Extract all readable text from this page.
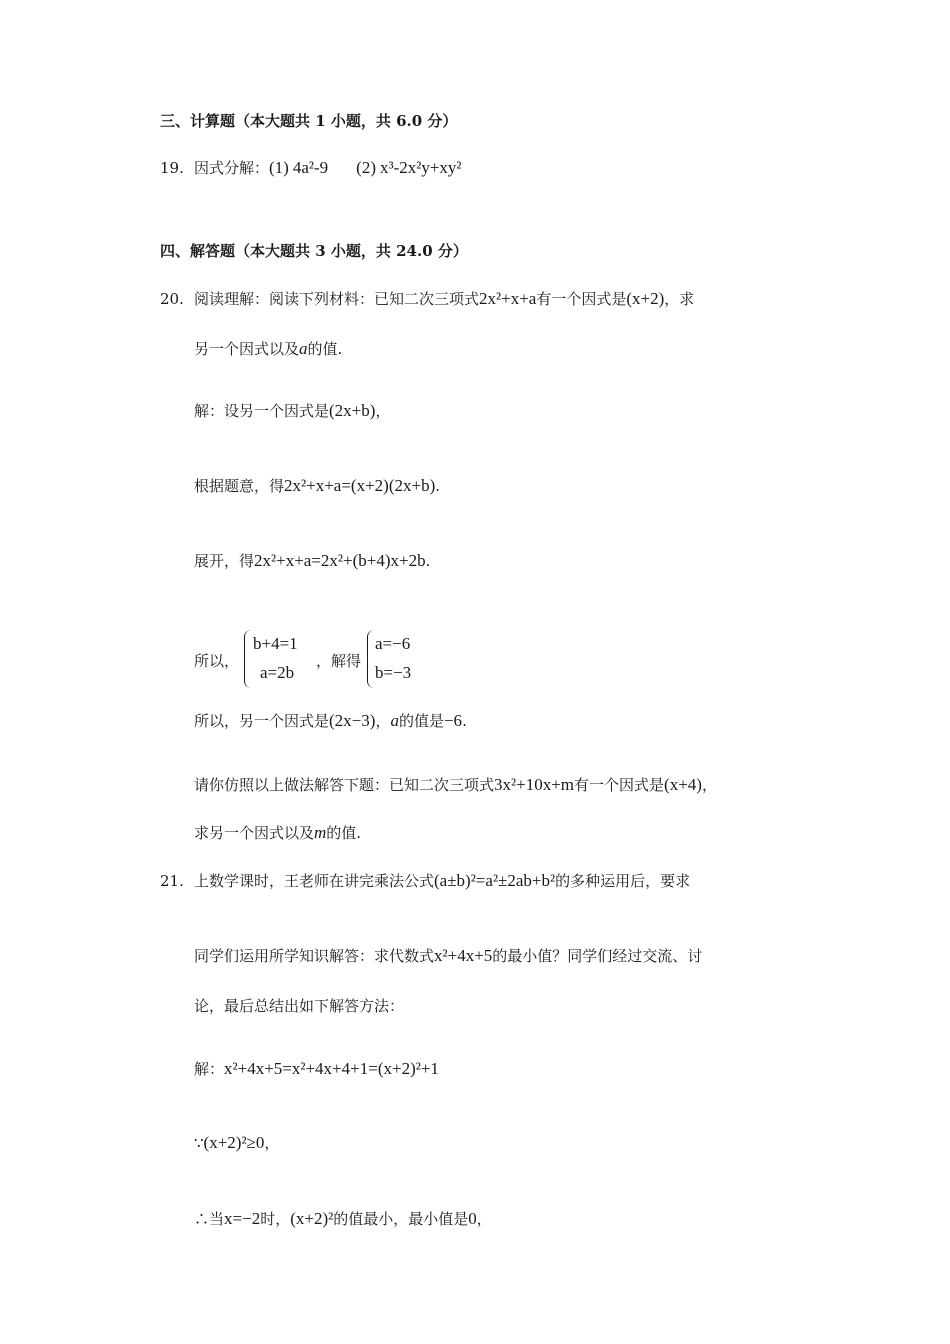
三、计算题（本大题共 1 小题，共 6.0 分）
19. 因式分解：(1) 4a²-9 (2) x³-2x²y+xy²
四、解答题（本大题共 3 小题，共 24.0 分）
20. 阅读理解：阅读下列材料：已知二次三项式2x²+x+a有一个因式是(x+2)，求
另一个因式以及a的值.
解：设另一个因式是(2x+b)，
根据题意，得2x²+x+a=(x+2)(2x+b).
展开，得2x²+x+a=2x²+(b+4)x+2b.
所以，
b+4=1
a=2b
，解得
a=−6
b=−3
所以，另一个因式是(2x−3)，a的值是−6.
请你仿照以上做法解答下题：已知二次三项式3x²+10x+m有一个因式是(x+4)，
求另一个因式以及m的值.
21. 上数学课时，王老师在讲完乘法公式(a±b)²=a²±2ab+b²的多种运用后，要求
同学们运用所学知识解答：求代数式x²+4x+5的最小值？同学们经过交流、讨
论，最后总结出如下解答方法：
解：x²+4x+5=x²+4x+4+1=(x+2)²+1
∵(x+2)²≥0，
∴当x=−2时，(x+2)²的值最小，最小值是0，
